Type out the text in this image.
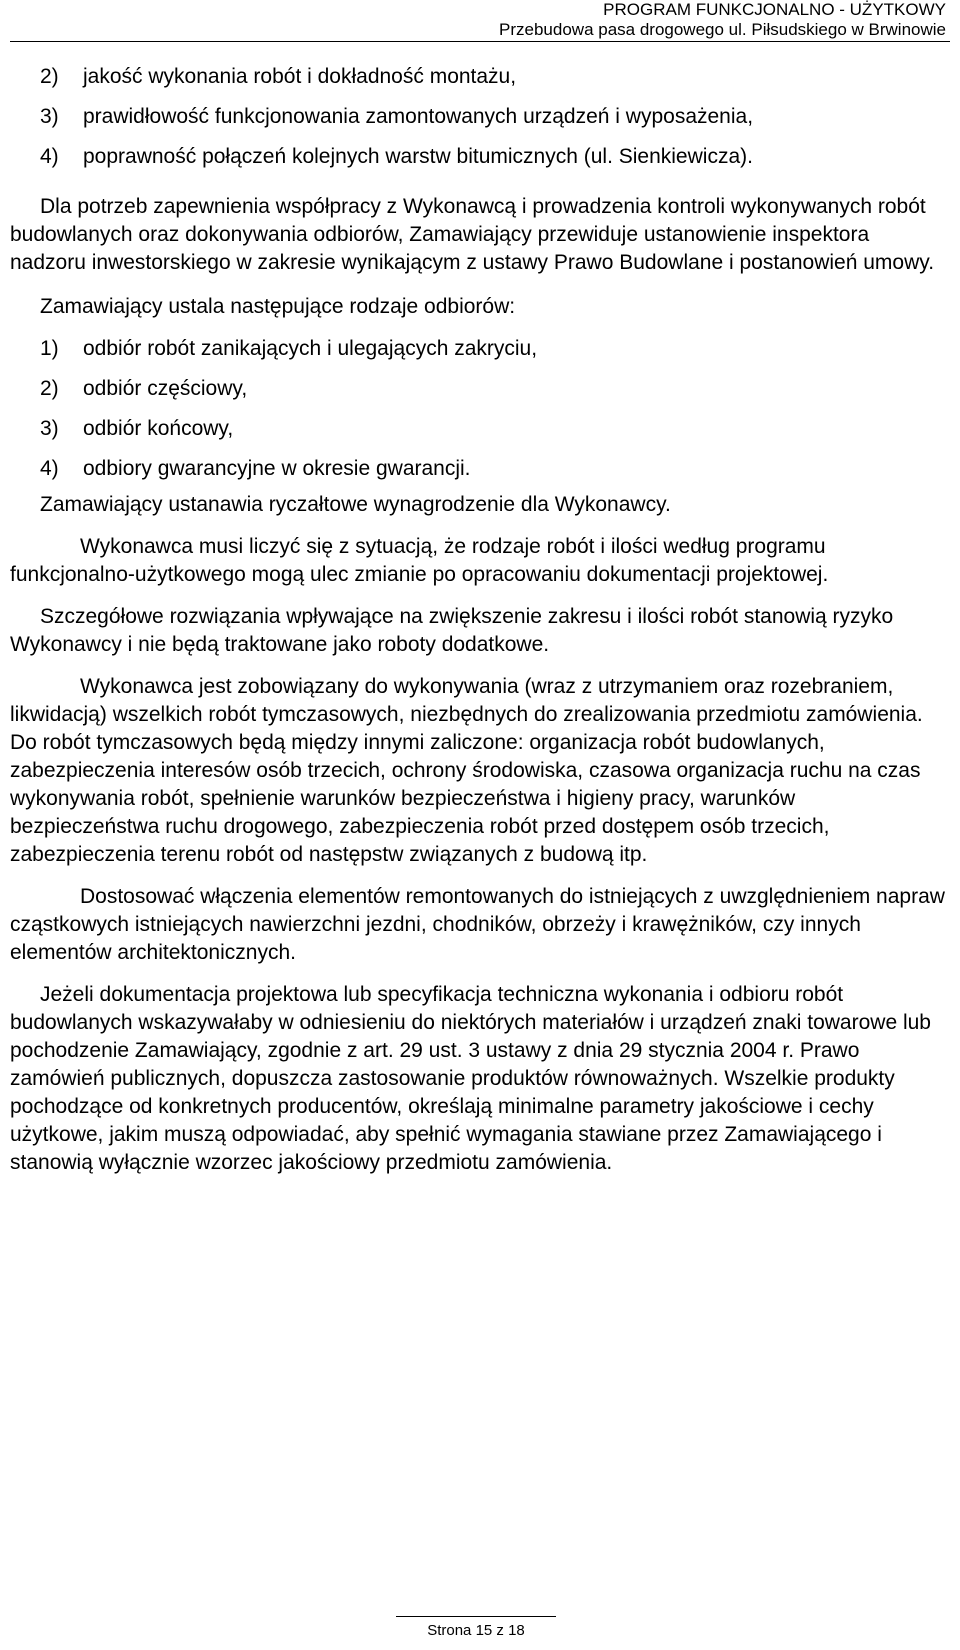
PROGRAM FUNKCJONALNO - UŻYTKOWY
Przebudowa pasa drogowego ul. Piłsudskiego w Brwinowie
2) jakość wykonania robót i dokładność montażu,
3) prawidłowość funkcjonowania zamontowanych urządzeń i wyposażenia,
4) poprawność połączeń kolejnych warstw bitumicznych (ul. Sienkiewicza).

Dla potrzeb zapewnienia współpracy z Wykonawcą i prowadzenia kontroli wykonywanych robót budowlanych oraz dokonywania odbiorów, Zamawiający przewiduje ustanowienie inspektora nadzoru inwestorskiego w zakresie wynikającym z ustawy Prawo Budowlane i postanowień umowy.

Zamawiający ustala następujące rodzaje odbiorów:

1) odbiór robót zanikających i ulegających zakryciu,
2) odbiór częściowy,
3) odbiór końcowy,
4) odbiory gwarancyjne w okresie gwarancji.

Zamawiający ustanawia ryczałtowe wynagrodzenie dla Wykonawcy.

Wykonawca musi liczyć się z sytuacją, że rodzaje robót i ilości według programu funkcjonalno-użytkowego mogą ulec zmianie po opracowaniu dokumentacji projektowej.

Szczegółowe rozwiązania wpływające na zwiększenie zakresu i ilości robót stanowią ryzyko Wykonawcy i nie będą traktowane jako roboty dodatkowe.

Wykonawca jest zobowiązany do wykonywania (wraz z utrzymaniem oraz rozebraniem, likwidacją) wszelkich robót tymczasowych, niezbędnych do zrealizowania przedmiotu zamówienia. Do robót tymczasowych będą między innymi zaliczone: organizacja robót budowlanych, zabezpieczenia interesów osób trzecich, ochrony środowiska, czasowa organizacja ruchu na czas wykonywania robót, spełnienie warunków bezpieczeństwa i higieny pracy, warunków bezpieczeństwa ruchu drogowego, zabezpieczenia robót przed dostępem osób trzecich, zabezpieczenia terenu robót od następstw związanych z budową itp.

Dostosować włączenia elementów remontowanych do istniejących z uwzględnieniem napraw cząstkowych istniejących nawierzchni jezdni, chodników, obrzeży i krawężników, czy innych elementów architektonicznych.

Jeżeli dokumentacja projektowa lub specyfikacja techniczna wykonania i odbioru robót budowlanych wskazywałaby w odniesieniu do niektórych materiałów i urządzeń znaki towarowe lub pochodzenie Zamawiający, zgodnie z art. 29 ust. 3 ustawy z dnia 29 stycznia 2004 r. Prawo zamówień publicznych, dopuszcza zastosowanie produktów równoważnych. Wszelkie produkty pochodzące od konkretnych producentów, określają minimalne parametry jakościowe i cechy użytkowe, jakim muszą odpowiadać, aby spełnić wymagania stawiane przez Zamawiającego i stanowią wyłącznie wzorzec jakościowy przedmiotu zamówienia.

Strona 15 z 18
